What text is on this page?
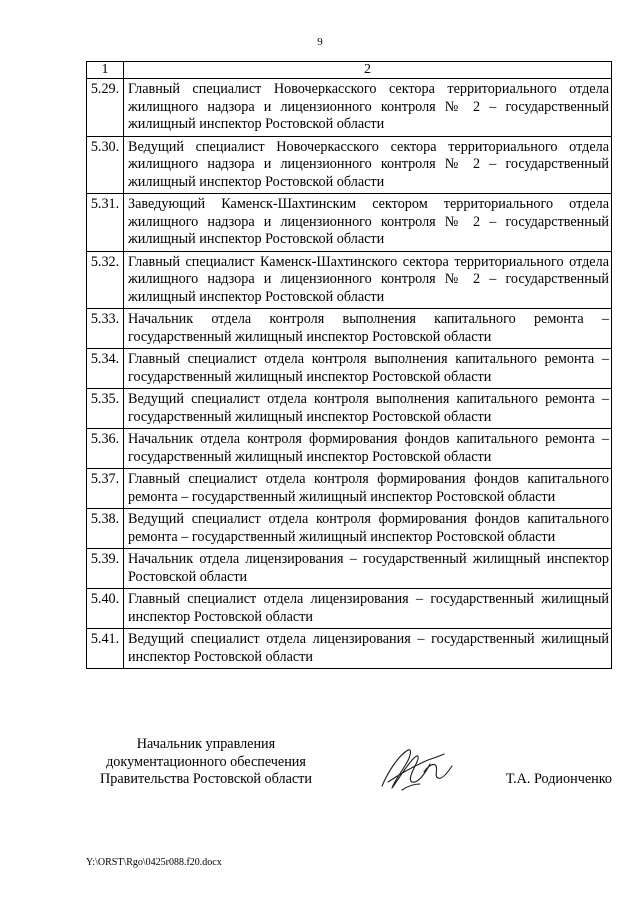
9
1	2
5.29.	Главный специалист Новочеркасского сектора территориального отдела жилищного надзора и лицензионного контроля № 2 – государственный жилищный инспектор Ростовской области
5.30.	Ведущий специалист Новочеркасского сектора территориального отдела жилищного надзора и лицензионного контроля № 2 – государственный жилищный инспектор Ростовской области
5.31.	Заведующий Каменск-Шахтинским сектором территориального отдела жилищного надзора и лицензионного контроля № 2 – государственный жилищный инспектор Ростовской области
5.32.	Главный специалист Каменск-Шахтинского сектора территориального отдела жилищного надзора и лицензионного контроля № 2 – государственный жилищный инспектор Ростовской области
5.33.	Начальник отдела контроля выполнения капитального ремонта – государственный жилищный инспектор Ростовской области
5.34.	Главный специалист отдела контроля выполнения капитального ремонта – государственный жилищный инспектор Ростовской области
5.35.	Ведущий специалист отдела контроля выполнения капитального ремонта – государственный жилищный инспектор Ростовской области
5.36.	Начальник отдела контроля формирования фондов капитального ремонта – государственный жилищный инспектор Ростовской области
5.37.	Главный специалист отдела контроля формирования фондов капитального ремонта – государственный жилищный инспектор Ростовской области
5.38.	Ведущий специалист отдела контроля формирования фондов капитального ремонта – государственный жилищный инспектор Ростовской области
5.39.	Начальник отдела лицензирования – государственный жилищный инспектор Ростовской области
5.40.	Главный специалист отдела лицензирования – государственный жилищный инспектор Ростовской области
5.41.	Ведущий специалист отдела лицензирования – государственный жилищный инспектор Ростовской области
Начальник управления
документационного обеспечения
Правительства Ростовской области	Т.А. Родионченко
Y:\ORST\Rgo\0425r088.f20.docx
